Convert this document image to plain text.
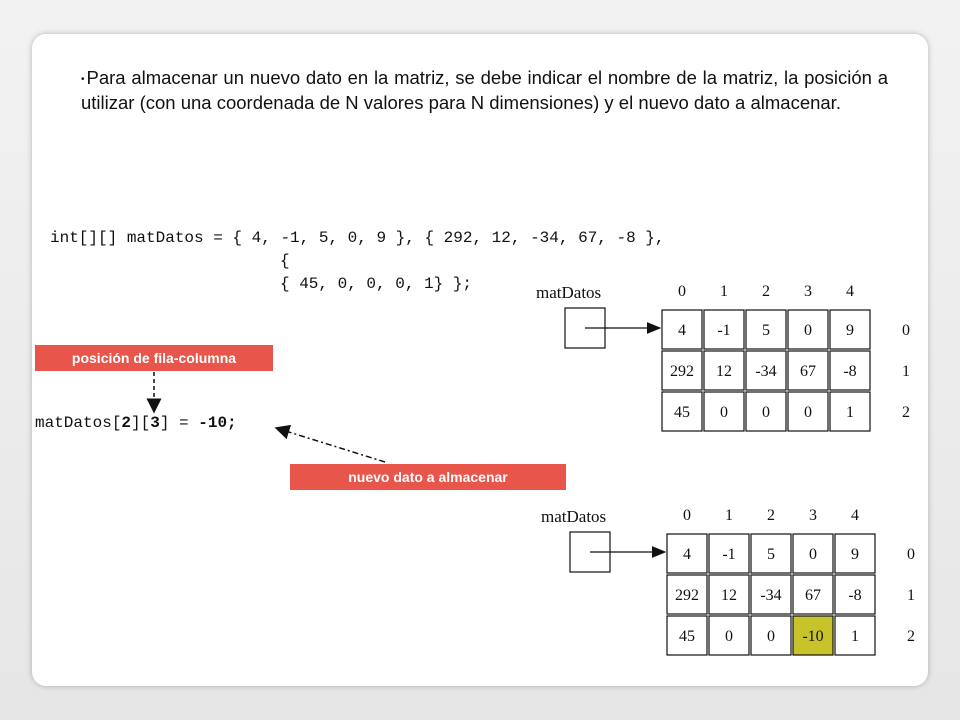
• Para almacenar un nuevo dato en la matriz, se debe indicar el nombre de la matriz, la posición a utilizar (con una coordenada de N valores para N dimensiones) y el nuevo dato a almacenar.
int[][] matDatos = { 4, -1, 5, 0, 9 }, { 292, 12, -34, 67, -8 },
{
{ 45, 0, 0, 0, 1} };
matDatos[2][3] = -10;
posición de fila-columna
nuevo dato a almacenar
matDatos
4 -1 5 0 9
292 12 -34 67 -8
45 0 0 0 1
0 1 2 3 4
0
1
2
matDatos
4 -1 5 0 9
292 12 -34 67 -8
45 0 0 -10 1
0 1 2 3 4
0
1
2
